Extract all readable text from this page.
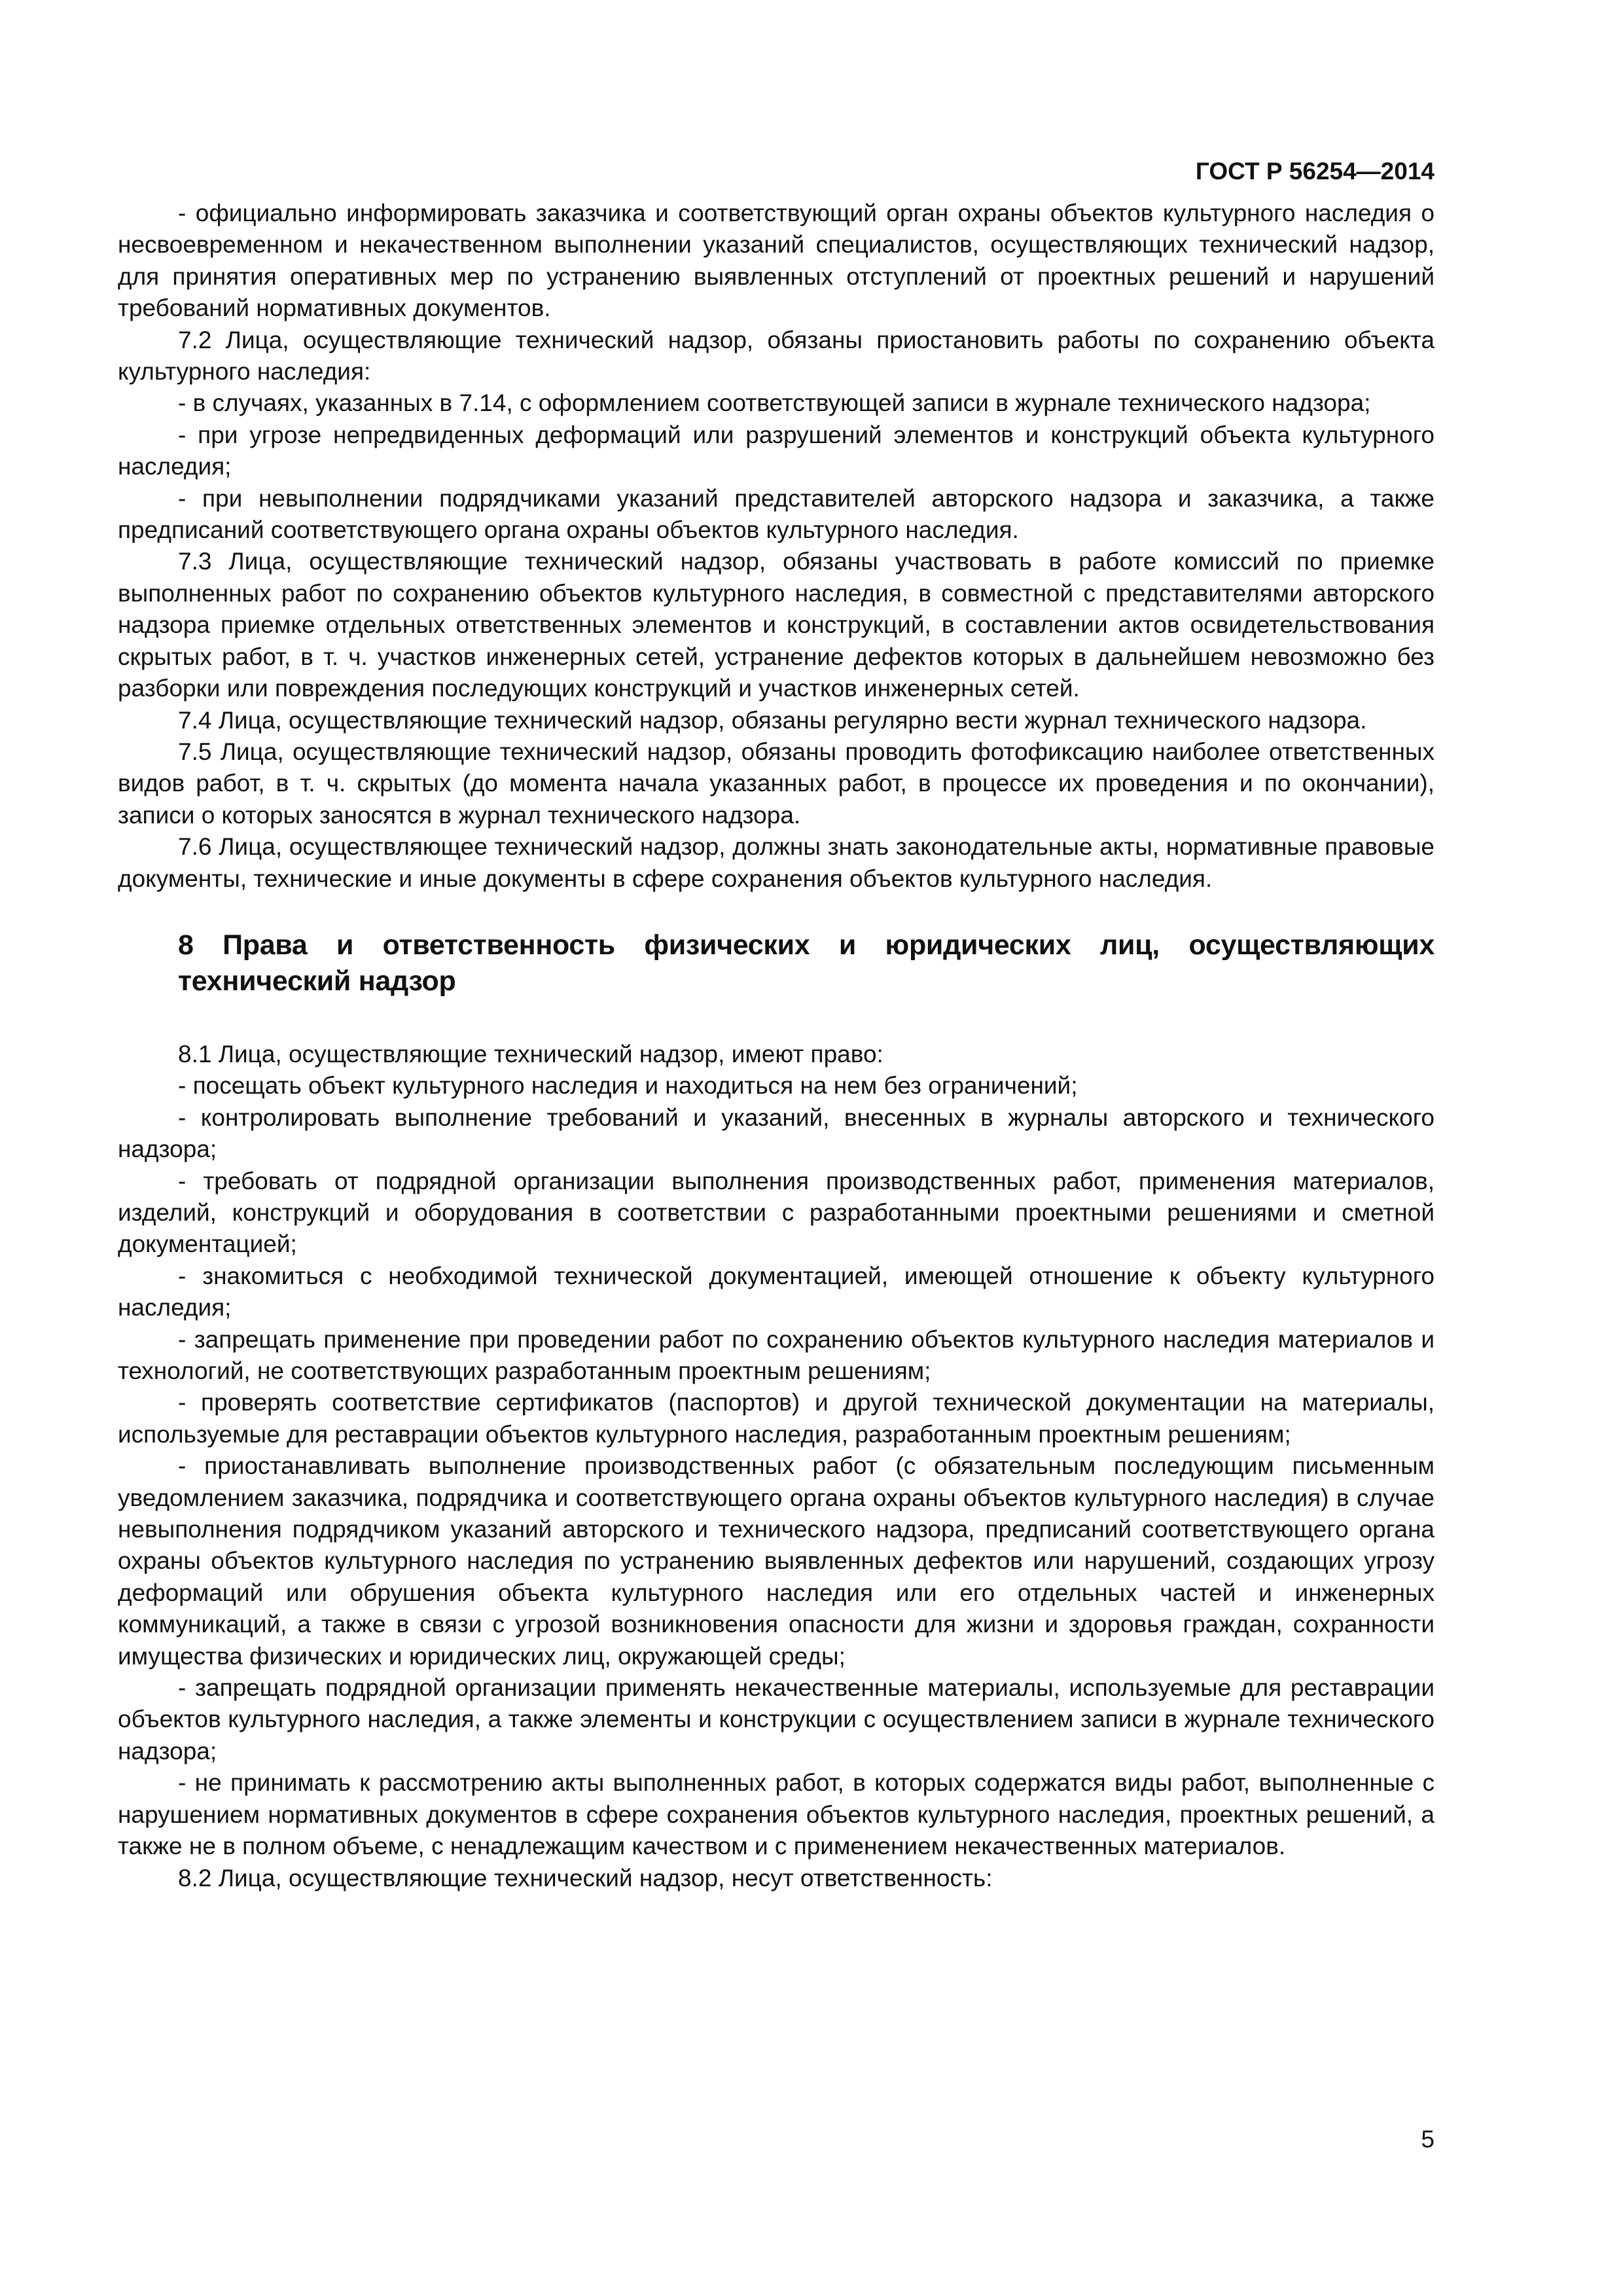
ГОСТ Р 56254—2014

- официально информировать заказчика и соответствующий орган охраны объектов культурного наследия о несвоевременном и некачественном выполнении указаний специалистов, осуществляющих технический надзор, для принятия оперативных мер по устранению выявленных отступлений от проектных решений и нарушений требований нормативных документов.

7.2 Лица, осуществляющие технический надзор, обязаны приостановить работы по сохранению объекта культурного наследия:

- в случаях, указанных в 7.14, с оформлением соответствующей записи в журнале технического надзора;

- при угрозе непредвиденных деформаций или разрушений элементов и конструкций объекта культурного наследия;

- при невыполнении подрядчиками указаний представителей авторского надзора и заказчика, а также предписаний соответствующего органа охраны объектов культурного наследия.

7.3 Лица, осуществляющие технический надзор, обязаны участвовать в работе комиссий по приемке выполненных работ по сохранению объектов культурного наследия, в совместной с представителями авторского надзора приемке отдельных ответственных элементов и конструкций, в составлении актов освидетельствования скрытых работ, в т. ч. участков инженерных сетей, устранение дефектов которых в дальнейшем невозможно без разборки или повреждения последующих конструкций и участков инженерных сетей.

7.4 Лица, осуществляющие технический надзор, обязаны регулярно вести журнал технического надзора.

7.5 Лица, осуществляющие технический надзор, обязаны проводить фотофиксацию наиболее ответственных видов работ, в т. ч. скрытых (до момента начала указанных работ, в процессе их проведения и по окончании), записи о которых заносятся в журнал технического надзора.

7.6 Лица, осуществляющее технический надзор, должны знать законодательные акты, нормативные правовые документы, технические и иные документы в сфере сохранения объектов культурного наследия.

8 Права и ответственность физических и юридических лиц, осуществляющих технический надзор

8.1 Лица, осуществляющие технический надзор, имеют право:

- посещать объект культурного наследия и находиться на нем без ограничений;

- контролировать выполнение требований и указаний, внесенных в журналы авторского и технического надзора;

- требовать от подрядной организации выполнения производственных работ, применения материалов, изделий, конструкций и оборудования в соответствии с разработанными проектными решениями и сметной документацией;

- знакомиться с необходимой технической документацией, имеющей отношение к объекту культурного наследия;

- запрещать применение при проведении работ по сохранению объектов культурного наследия материалов и технологий, не соответствующих разработанным проектным решениям;

- проверять соответствие сертификатов (паспортов) и другой технической документации на материалы, используемые для реставрации объектов культурного наследия, разработанным проектным решениям;

- приостанавливать выполнение производственных работ (с обязательным последующим письменным уведомлением заказчика, подрядчика и соответствующего органа охраны объектов культурного наследия) в случае невыполнения подрядчиком указаний авторского и технического надзора, предписаний соответствующего органа охраны объектов культурного наследия по устранению выявленных дефектов или нарушений, создающих угрозу деформаций или обрушения объекта культурного наследия или его отдельных частей и инженерных коммуникаций, а также в связи с угрозой возникновения опасности для жизни и здоровья граждан, сохранности имущества физических и юридических лиц, окружающей среды;

- запрещать подрядной организации применять некачественные материалы, используемые для реставрации объектов культурного наследия, а также элементы и конструкции с осуществлением записи в журнале технического надзора;

- не принимать к рассмотрению акты выполненных работ, в которых содержатся виды работ, выполненные с нарушением нормативных документов в сфере сохранения объектов культурного наследия, проектных решений, а также не в полном объеме, с ненадлежащим качеством и с применением некачественных материалов.

8.2 Лица, осуществляющие технический надзор, несут ответственность:

5
